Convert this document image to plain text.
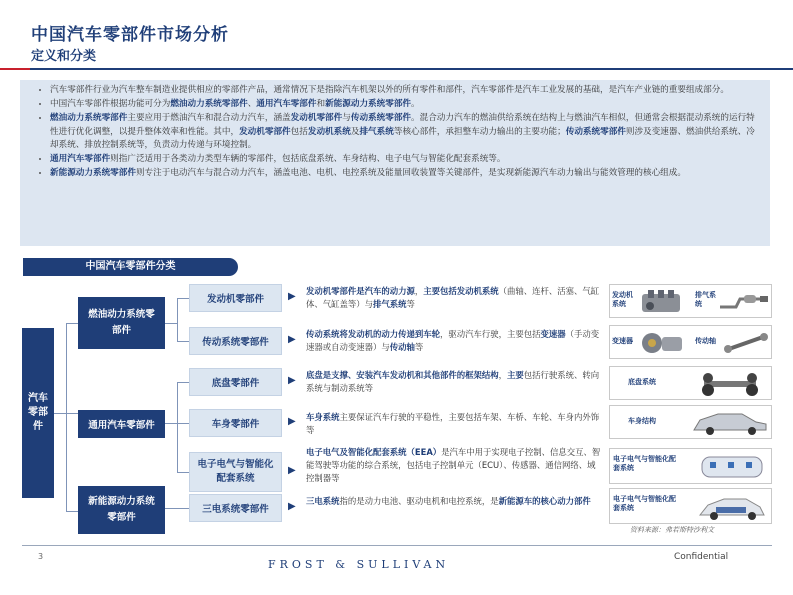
中国汽车零部件市场分析
定义和分类
• 汽车零部件行业为汽车整车制造业提供相应的零部件产品，通常情况下是指除汽车机架以外的所有零件和部件，汽车零部件是汽车工业发展的基础，是汽车产业链的重要组成部分。
• 中国汽车零部件根据功能可分为燃油动力系统零部件、通用汽车零部件和新能源动力系统零部件。
• 燃油动力系统零部件主要应用于燃油汽车和混合动力汽车，涵盖发动机零部件与传动系统零部件。混合动力汽车的燃油供给系统在结构上与燃油汽车相似，但通常会根据混动系统的运行特性进行优化调整，以提升整体效率和性能。其中，发动机零部件包括发动机系统及排气系统等核心部件，承担整车动力输出的主要功能；传动系统零部件则涉及变速器、燃油供给系统、冷却系统、排放控制系统等，负责动力传递与环境控制。
• 通用汽车零部件则指广泛适用于各类动力类型车辆的零部件，包括底盘系统、车身结构、电子电气与智能化配套系统等。
• 新能源动力系统零部件则专注于电动汽车与混合动力汽车，涵盖电池、电机、电控系统及能量回收装置等关键部件，是实现新能源汽车动力输出与能效管理的核心组成。
中国汽车零部件分类
汽车零部件
燃油动力系统零部件
通用汽车零部件
新能源动力系统零部件
发动机零部件
传动系统零部件
底盘零部件
车身零部件
电子电气与智能化配套系统
三电系统零部件
▶
▶
▶
▶
▶
▶
发动机零部件是汽车的动力源，主要包括发动机系统（曲轴、连杆、活塞、气缸体、气缸盖等）与排气系统等
传动系统将发动机的动力传递到车轮，驱动汽车行驶，主要包括变速器（手动变速器或自动变速器）与传动轴等
底盘是支撑、安装汽车发动机和其他部件的框架结构，主要包括行驶系统、转向系统与制动系统等
车身系统主要保证汽车行驶的平稳性，主要包括车架、车桥、车轮、车身内外饰等
电子电气及智能化配套系统（EEA）是汽车中用于实现电子控制、信息交互、智能驾驶等功能的综合系统，包括电子控制单元（ECU）、传感器、通信网络、域控制器等
三电系统指的是动力电池、驱动电机和电控系统，是新能源车的核心动力部件
发动机系统
排气系统
变速器	传动轴
底盘系统
车身结构
电子电气与智能化配套系统
电子电气与智能化配套系统
资料来源：弗若斯特沙利文
3
FROST & SULLIVAN
Confidential
